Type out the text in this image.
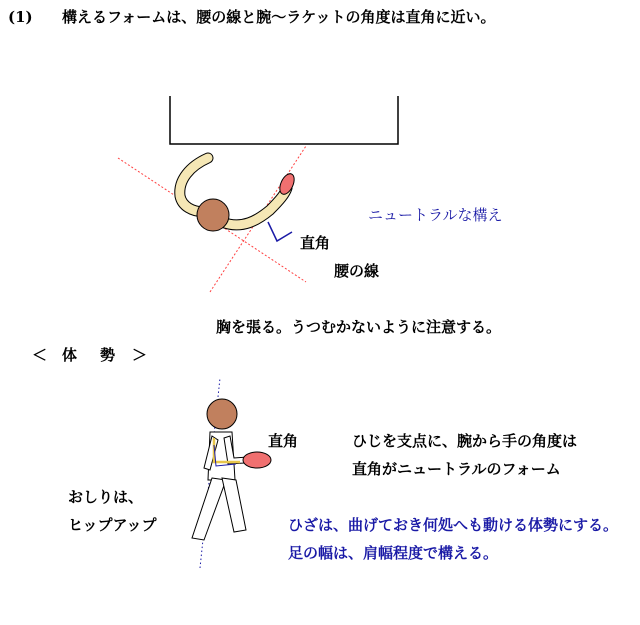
(1) 構えるフォームは、腰の線と腕～ラケットの角度は直角に近い。
ニュートラルな構え
直角
腰の線
胸を張る。うつむかないように注意する。
＜ 体 勢 ＞
直角	ひじを支点に、腕から手の角度は
直角がニュートラルのフォーム
おしりは、
ヒップアップ	ひざは、曲げておき何処へも動ける体勢にする。
足の幅は、肩幅程度で構える。
